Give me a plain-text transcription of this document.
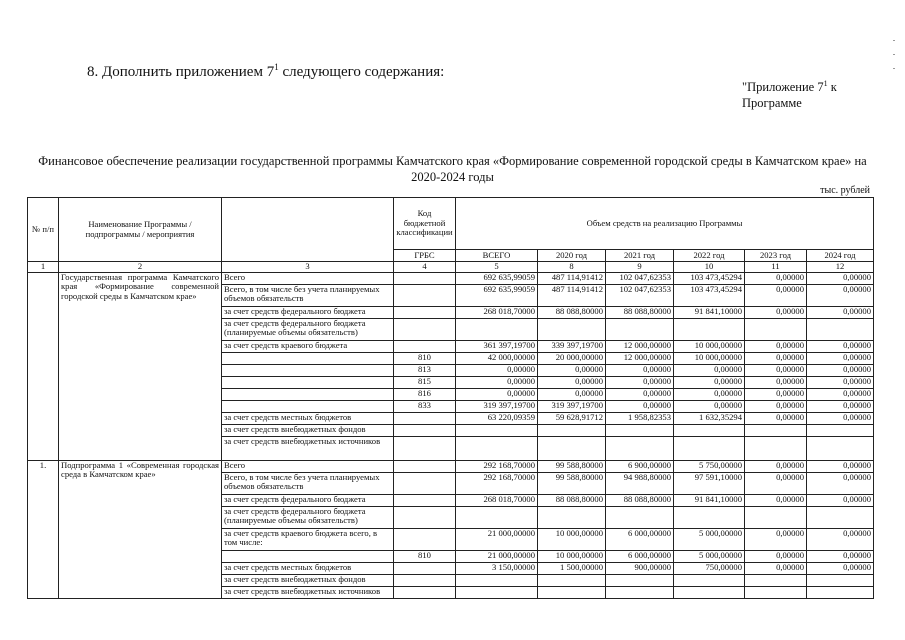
8. Дополнить приложением $7^1$ следующего содержания:
"Приложение $7^1$ к
Программе
Финансовое обеспечение реализации государственной программы Камчатского края «Формирование современной городской среды в Камчатском крае» на 2020-2024 годы
тыс. рублей
№ п/п	Наименование Программы / подпрограммы / мероприятия		Код бюджетной классификации	Объем средств на реализацию Программы					
			ГРБС	ВСЕГО	2020 год	2021 год	2022 год	2023 год	2024 год
1	2	3	4	5	8	9	10	11	12
	Государственная программа Камчатского края «Формирование современной городской среды в Камчатском крае»	Всего		692 635,99059	487 114,91412	102 047,62353	103 473,45294	0,00000	0,00000
		Всего, в том числе без учета планируемых объемов обязательств		692 635,99059	487 114,91412	102 047,62353	103 473,45294	0,00000	0,00000
		за счет средств федерального бюджета		268 018,70000	88 088,80000	88 088,80000	91 841,10000	0,00000	0,00000
		за счет средств федерального бюджета (планируемые объемы обязательств)							
		за счет средств краевого бюджета		361 397,19700	339 397,19700	12 000,00000	10 000,00000	0,00000	0,00000
			810	42 000,00000	20 000,00000	12 000,00000	10 000,00000	0,00000	0,00000
			813	0,00000	0,00000	0,00000	0,00000	0,00000	0,00000
			815	0,00000	0,00000	0,00000	0,00000	0,00000	0,00000
			816	0,00000	0,00000	0,00000	0,00000	0,00000	0,00000
			833	319 397,19700	319 397,19700	0,00000	0,00000	0,00000	0,00000
		за счет средств местных бюджетов		63 220,09359	59 628,91712	1 958,82353	1 632,35294	0,00000	0,00000
		за счет средств внебюджетных фондов							
		за счет средств внебюджетных источников							
1.	Подпрограмма 1 «Современная городская среда в Камчатском крае»	Всего		292 168,70000	99 588,80000	6 900,00000	5 750,00000	0,00000	0,00000
		Всего, в том числе без учета планируемых объемов обязательств		292 168,70000	99 588,80000	94 988,80000	97 591,10000	0,00000	0,00000
		за счет средств федерального бюджета		268 018,70000	88 088,80000	88 088,80000	91 841,10000	0,00000	0,00000
		за счет средств федерального бюджета (планируемые объемы обязательств)							
		за счет средств краевого бюджета всего, в том числе:		21 000,00000	10 000,00000	6 000,00000	5 000,00000	0,00000	0,00000
			810	21 000,00000	10 000,00000	6 000,00000	5 000,00000	0,00000	0,00000
		за счет средств местных бюджетов		3 150,00000	1 500,00000	900,00000	750,00000	0,00000	0,00000
		за счет средств внебюджетных фондов							
		за счет средств внебюджетных источников							
